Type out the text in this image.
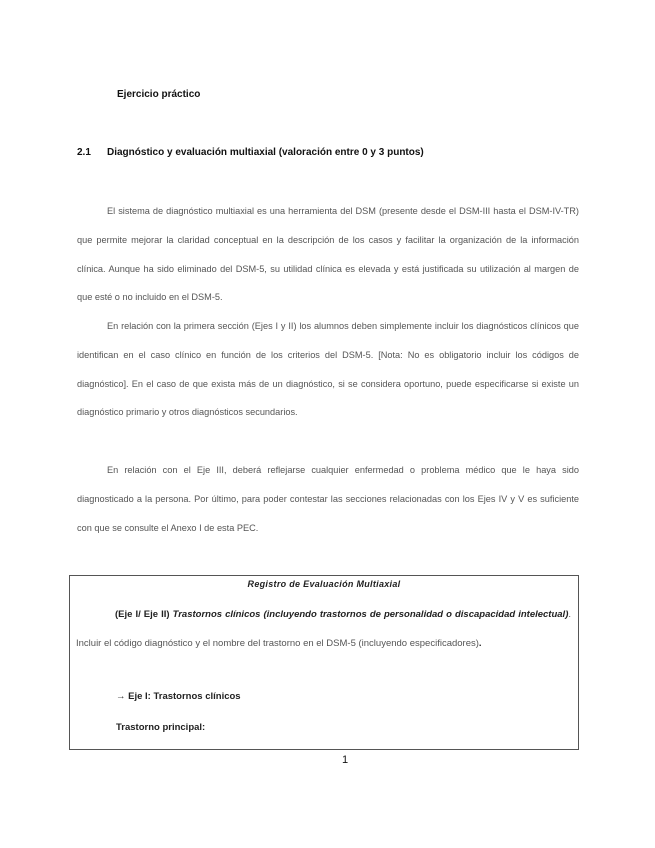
Ejercicio práctico
2.1 Diagnóstico y evaluación multiaxial (valoración entre 0 y 3 puntos)

El sistema de diagnóstico multiaxial es una herramienta del DSM (presente desde el DSM-III hasta el DSM-IV-TR) que permite mejorar la claridad conceptual en la descripción de los casos y facilitar la organización de la información clínica. Aunque ha sido eliminado del DSM-5, su utilidad clínica es elevada y está justificada su utilización al margen de que esté o no incluido en el DSM-5.

En relación con la primera sección (Ejes I y II) los alumnos deben simplemente incluir los diagnósticos clínicos que identifican en el caso clínico en función de los criterios del DSM-5. [Nota: No es obligatorio incluir los códigos de diagnóstico]. En el caso de que exista más de un diagnóstico, si se considera oportuno, puede especificarse si existe un diagnóstico primario y otros diagnósticos secundarios.

En relación con el Eje III, deberá reflejarse cualquier enfermedad o problema médico que le haya sido diagnosticado a la persona. Por último, para poder contestar las secciones relacionadas con los Ejes IV y V es suficiente con que se consulte el Anexo I de esta PEC.

Registro de Evaluación Multiaxial
(Eje I/ Eje II) Trastornos clínicos (incluyendo trastornos de personalidad o discapacidad intelectual). Incluir el código diagnóstico y el nombre del trastorno en el DSM-5 (incluyendo especificadores).
→ Eje I: Trastornos clínicos
Trastorno principal:
1
